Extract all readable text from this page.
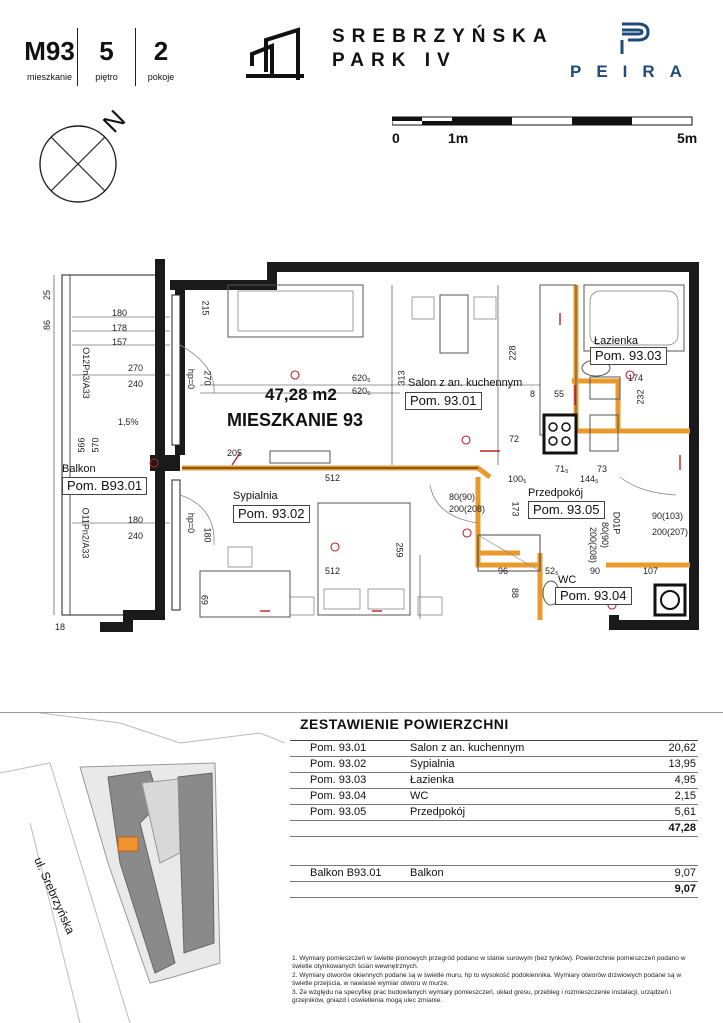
M93
mieszkanie
5
piętro
2
pokoje
SREBRZYŃSKA
PARK IV
PEIRA
N	0	1m	5m
47,28 m2
MIESZKANIE 93
Salon z an. kuchennym
Pom. 93.01
Sypialnia
Pom. 93.02
Łazienka
Pom. 93.03
WC
Pom. 93.04
Przedpokój
Pom. 93.05
Balkon
Pom. B93.01
180
178
157
270
240
180
240
1,5%
570
566
O12Pn3/A33
O11Pn2/A33
620₅
620₅
313
228
512
512
259
174
232
71₅	73
144₅
100₅
72
80(90)
200(208)
90(103)
200(207)
D01P
107
90
96	52₅
18
69
215
270
180
hp=0
hp=0
86
25
55
8
173
80(90)
200(208)
205
88
ul. Srebrzyńska
ZESTAWIENIE POWIERZCHNI
Pom. 93.01	Salon z an. kuchennym	20,62
Pom. 93.02	Sypialnia	13,95
Pom. 93.03	Łazienka	4,95
Pom. 93.04	WC	2,15
Pom. 93.05	Przedpokój	5,61
47,28
Balkon B93.01	Balkon	9,07
9,07
1. Wymiary pomieszczeń w świetle pionowych przegród podano w stanie surowym (bez tynków). Powierzchnie pomieszczeń podano w świetle otynkowanych ścian wewnętrznych.
2. Wymiary otworów okiennych podane są w świetle muru, hp to wysokość podokiennika. Wymiary otworów drzwiowych podane są w świetle przejścia, w nawiasie wymiar otworu w murze.
3. Ze względu na specyfikę prac budowlanych wymiary pomieszczeń, układ gresu, przebieg i rozmieszczenie instalacji, urządzeń i grzejników, gniazd i oświetlenia mogą ulec zmianie.
